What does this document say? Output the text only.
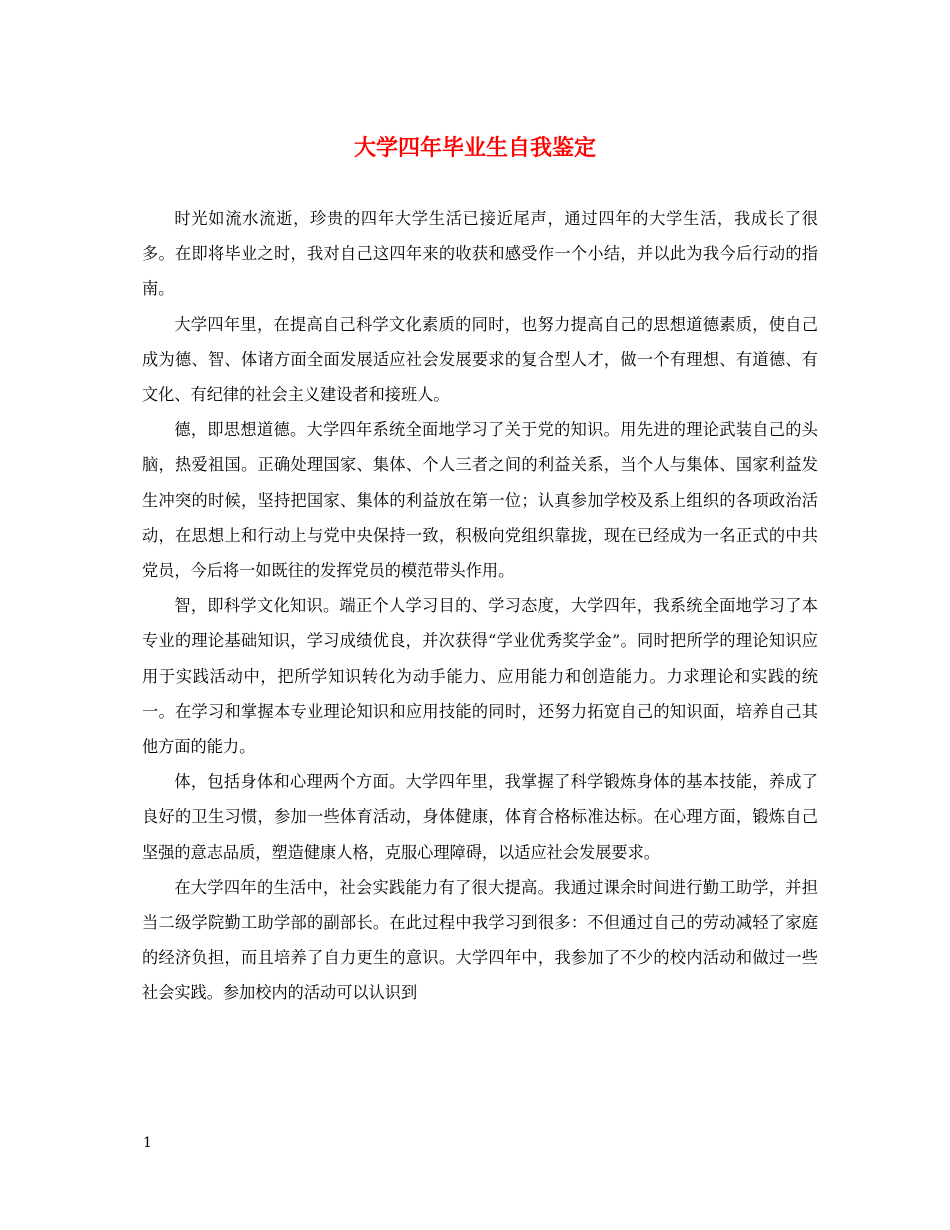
大学四年毕业生自我鉴定

时光如流水流逝，珍贵的四年大学生活已接近尾声，通过四年的大学生活，我成长了很多。在即将毕业之时，我对自己这四年来的收获和感受作一个小结，并以此为我今后行动的指南。

大学四年里，在提高自己科学文化素质的同时，也努力提高自己的思想道德素质，使自己成为德、智、体诸方面全面发展适应社会发展要求的复合型人才，做一个有理想、有道德、有文化、有纪律的社会主义建设者和接班人。

德，即思想道德。大学四年系统全面地学习了关于党的知识。用先进的理论武装自己的头脑，热爱祖国。正确处理国家、集体、个人三者之间的利益关系，当个人与集体、国家利益发生冲突的时候，坚持把国家、集体的利益放在第一位；认真参加学校及系上组织的各项政治活动，在思想上和行动上与党中央保持一致，积极向党组织靠拢，现在已经成为一名正式的中共党员，今后将一如既往的发挥党员的模范带头作用。

智，即科学文化知识。端正个人学习目的、学习态度，大学四年，我系统全面地学习了本专业的理论基础知识，学习成绩优良，并次获得“学业优秀奖学金”。同时把所学的理论知识应用于实践活动中，把所学知识转化为动手能力、应用能力和创造能力。力求理论和实践的统一。在学习和掌握本专业理论知识和应用技能的同时，还努力拓宽自己的知识面，培养自己其他方面的能力。

体，包括身体和心理两个方面。大学四年里，我掌握了科学锻炼身体的基本技能，养成了良好的卫生习惯，参加一些体育活动，身体健康，体育合格标准达标。在心理方面，锻炼自己坚强的意志品质，塑造健康人格，克服心理障碍，以适应社会发展要求。

在大学四年的生活中，社会实践能力有了很大提高。我通过课余时间进行勤工助学，并担当二级学院勤工助学部的副部长。在此过程中我学习到很多：不但通过自己的劳动减轻了家庭的经济负担，而且培养了自力更生的意识。大学四年中，我参加了不少的校内活动和做过一些社会实践。参加校内的活动可以认识到

1
